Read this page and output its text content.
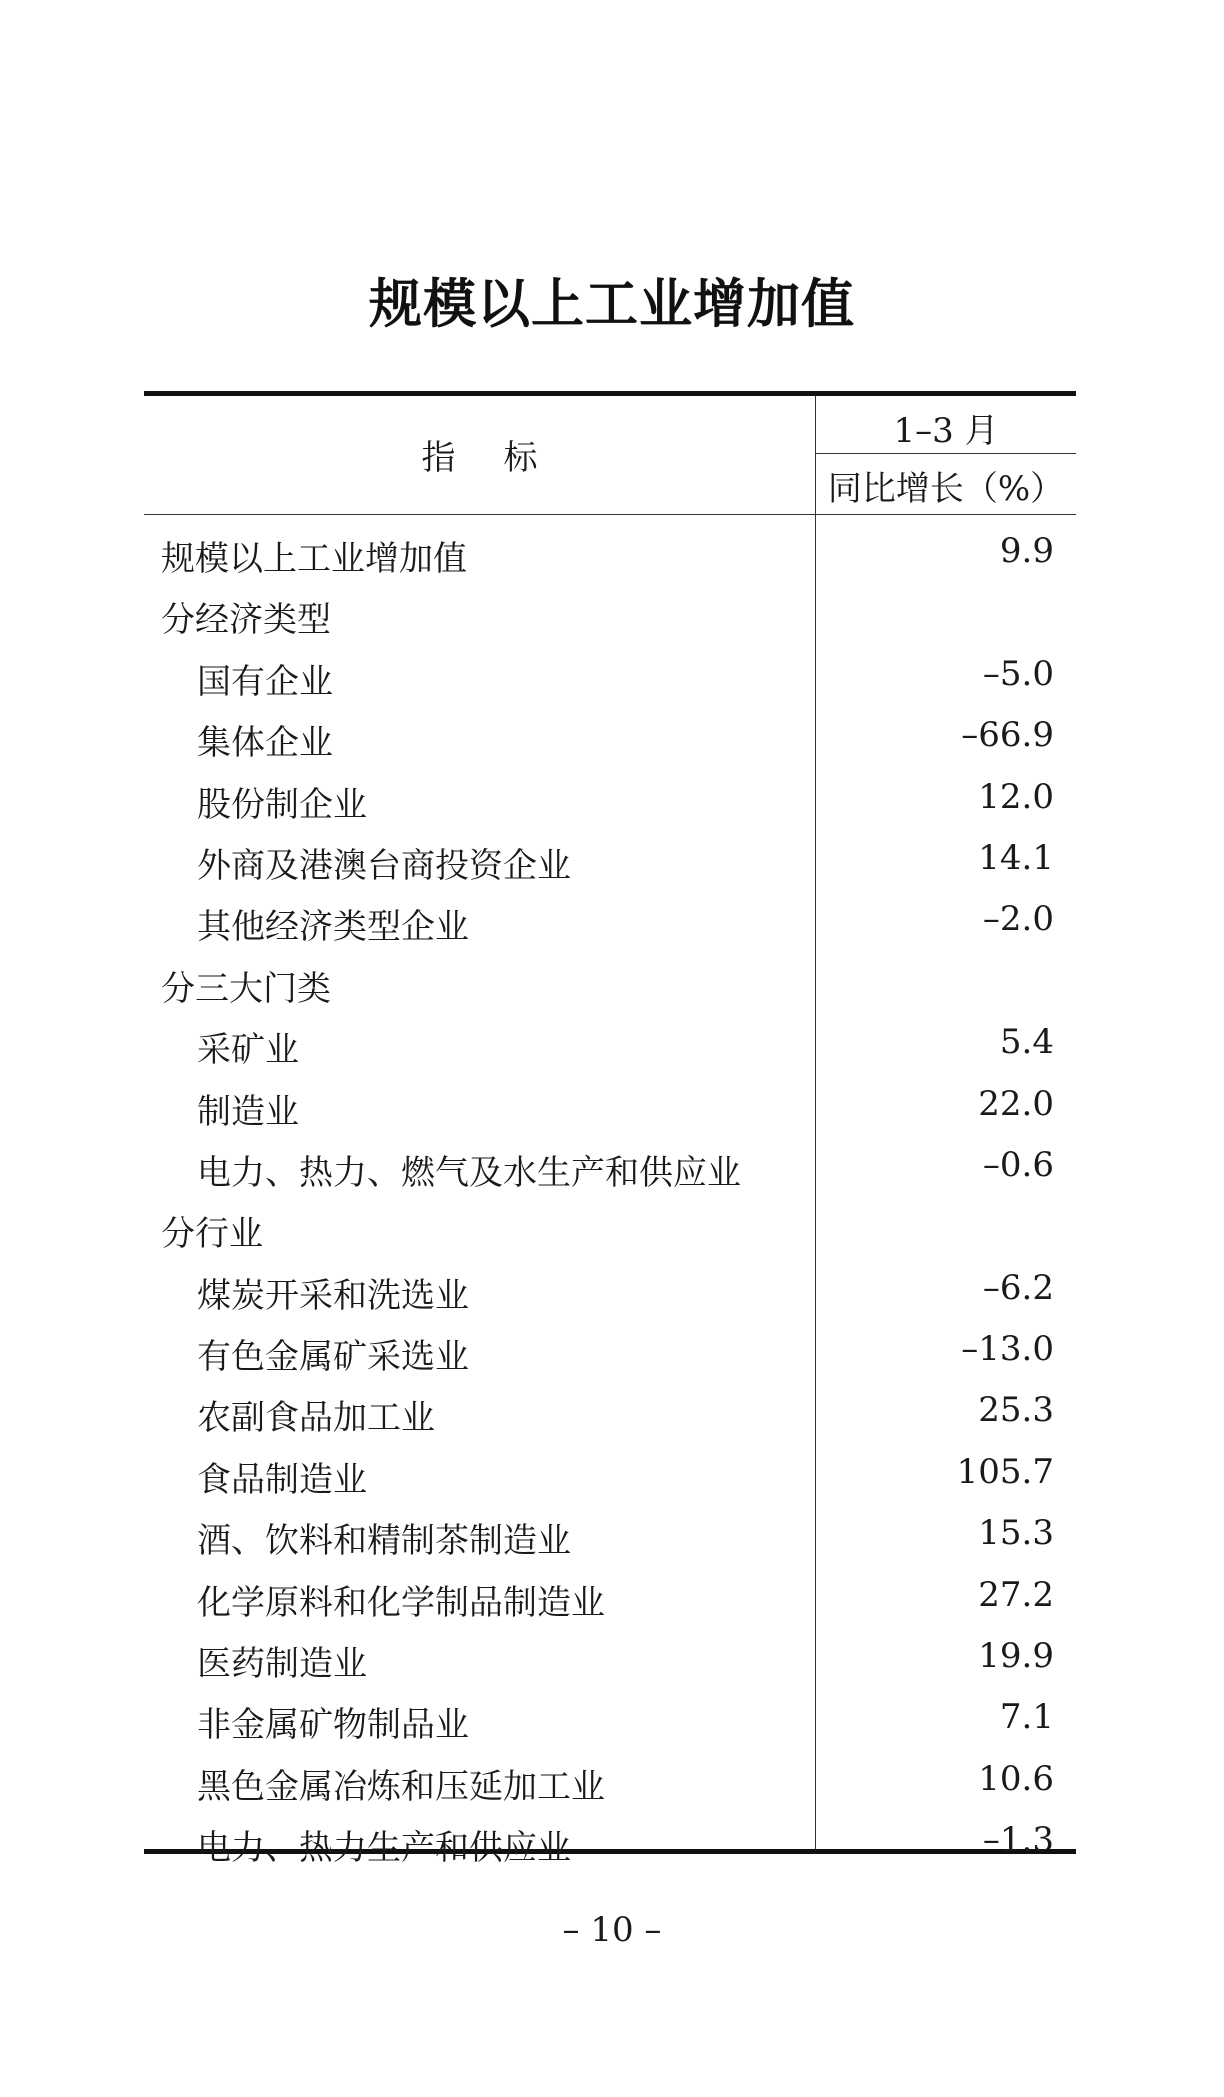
规模以上工业增加值
指标
1–3 月
同比增长（%）
规模以上工业增加值	9.9
分经济类型
国有企业	–5.0
集体企业	–66.9
股份制企业	12.0
外商及港澳台商投资企业	14.1
其他经济类型企业	–2.0
分三大门类
采矿业	5.4
制造业	22.0
电力、热力、燃气及水生产和供应业	–0.6
分行业
煤炭开采和洗选业	–6.2
有色金属矿采选业	–13.0
农副食品加工业	25.3
食品制造业	105.7
酒、饮料和精制茶制造业	15.3
化学原料和化学制品制造业	27.2
医药制造业	19.9
非金属矿物制品业	7.1
黑色金属冶炼和压延加工业	10.6
电力、热力生产和供应业	–1.3
– 10 –
